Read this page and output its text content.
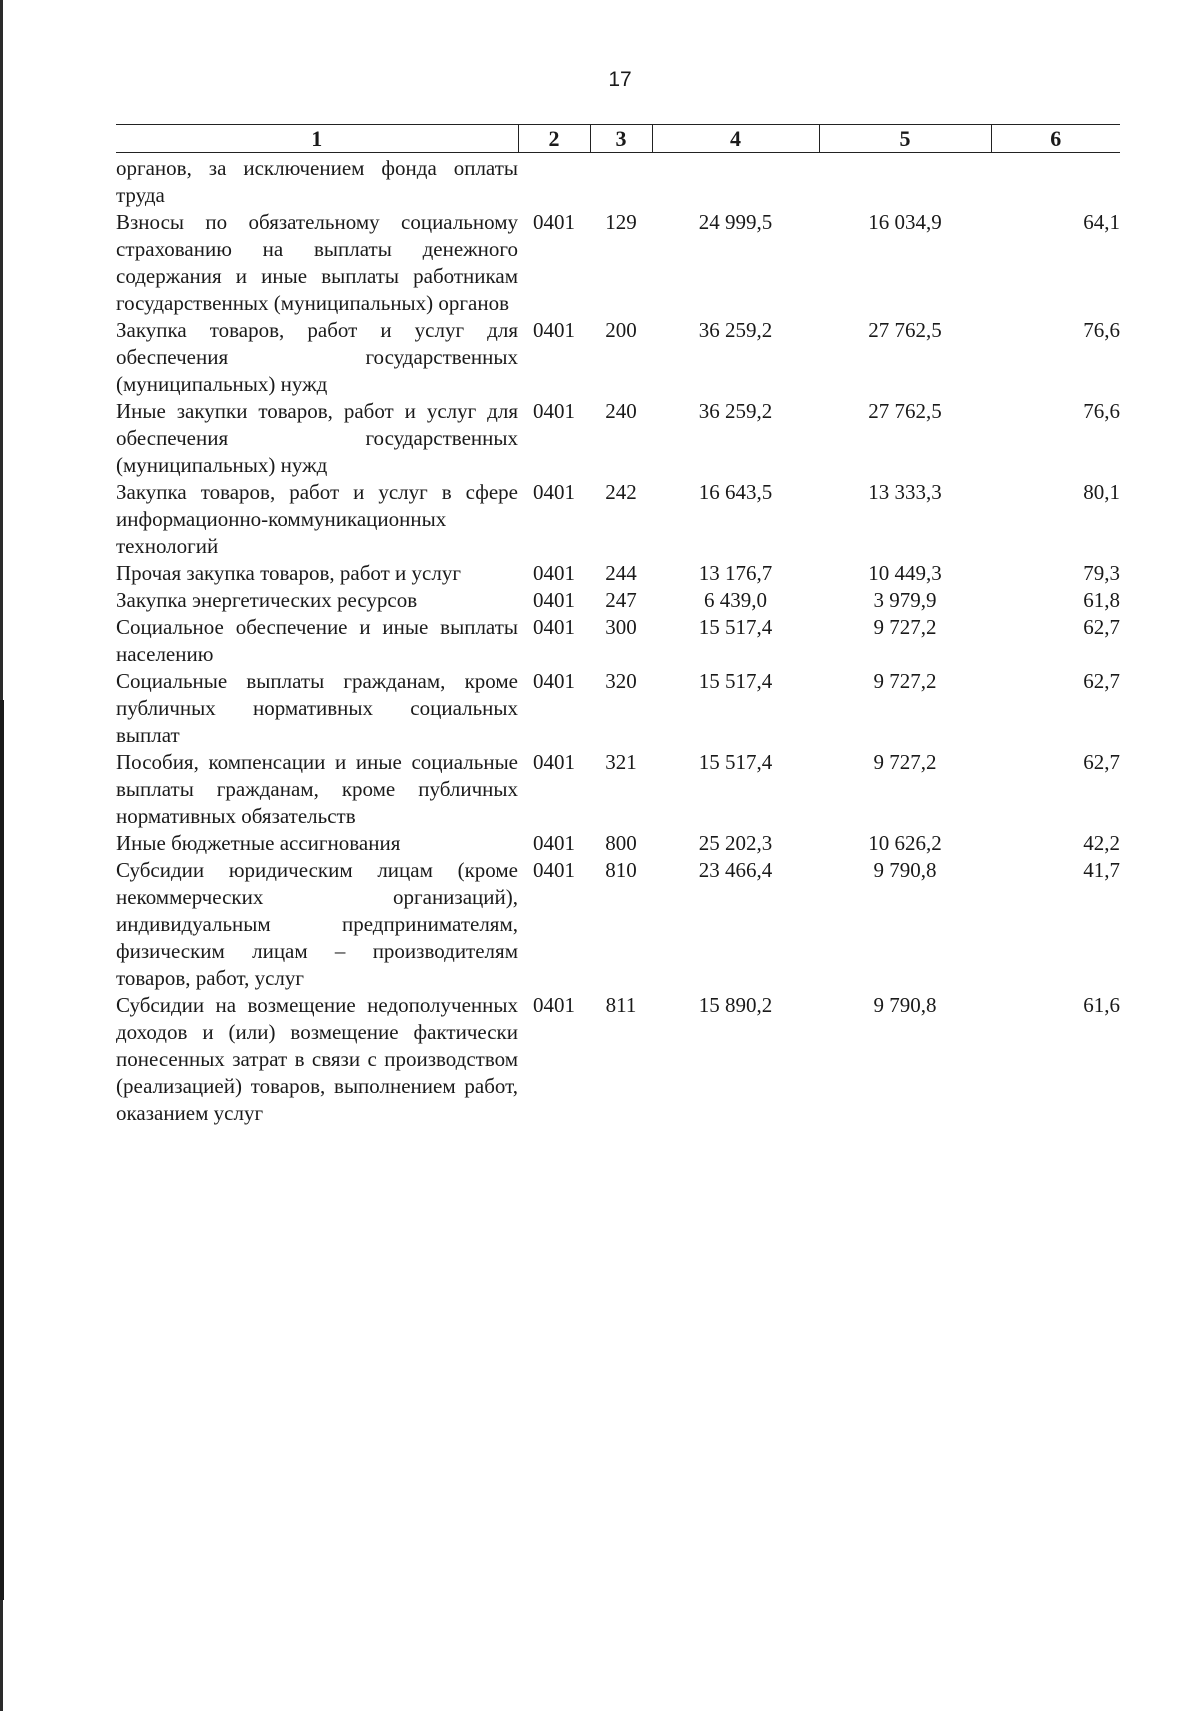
17
1	2	3	4	5	6
органов, за исключением фонда оплаты труда					
Взносы по обязательному социальному страхованию на выплаты денежного содержания и иные выплаты работникам государственных (муниципальных) органов	0401	129	24 999,5	16 034,9	64,1
Закупка товаров, работ и услуг для обеспечения государственных (муниципальных) нужд	0401	200	36 259,2	27 762,5	76,6
Иные закупки товаров, работ и услуг для обеспечения государственных (муниципальных) нужд	0401	240	36 259,2	27 762,5	76,6
Закупка товаров, работ и услуг в сфере информационно-коммуникационных технологий	0401	242	16 643,5	13 333,3	80,1
Прочая закупка товаров, работ и услуг	0401	244	13 176,7	10 449,3	79,3
Закупка энергетических ресурсов	0401	247	6 439,0	3 979,9	61,8
Социальное обеспечение и иные выплаты населению	0401	300	15 517,4	9 727,2	62,7
Социальные выплаты гражданам, кроме публичных нормативных социальных выплат	0401	320	15 517,4	9 727,2	62,7
Пособия, компенсации и иные социальные выплаты гражданам, кроме публичных нормативных обязательств	0401	321	15 517,4	9 727,2	62,7
Иные бюджетные ассигнования	0401	800	25 202,3	10 626,2	42,2
Субсидии юридическим лицам (кроме некоммерческих организаций), индивидуальным предпринимателям, физическим лицам – производителям товаров, работ, услуг	0401	810	23 466,4	9 790,8	41,7
Субсидии на возмещение недополученных доходов и (или) возмещение фактически понесенных затрат в связи с производством (реализацией) товаров, выполнением работ, оказанием услуг	0401	811	15 890,2	9 790,8	61,6
